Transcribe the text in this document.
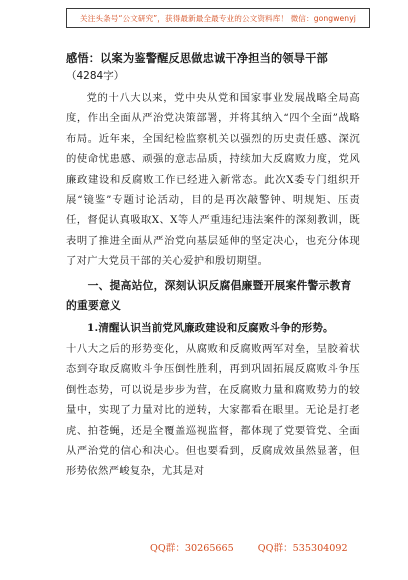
关注头条号“公文研究”，获得最新最全最专业的公文资料库！ 微信：gongwenyj

感悟：以案为鉴警醒反思做忠诚干净担当的领导干部

（4284字）

党的十八大以来，党中央从党和国家事业发展战略全局高度，作出全面从严治党决策部署，并将其纳入“四个全面”战略布局。近年来，全国纪检监察机关以强烈的历史责任感、深沉的使命忧患感、顽强的意志品质，持续加大反腐败力度，党风廉政建设和反腐败工作已经进入新常态。此次X委专门组织开展“镜鉴”专题讨论活动，目的是再次敲警钟、明规矩、压责任，督促认真吸取X、X等人严重违纪违法案件的深刻教训，既表明了推进全面从严治党向基层延伸的坚定决心，也充分体现了对广大党员干部的关心爱护和殷切期望。

一、提高站位，深刻认识反腐倡廉暨开展案件警示教育的重要意义

1.清醒认识当前党风廉政建设和反腐败斗争的形势。

十八大之后的形势变化，从腐败和反腐败两军对垒，呈胶着状态到夺取反腐败斗争压倒性胜利，再到巩固拓展反腐败斗争压倒性态势，可以说是步步为营，在反腐败力量和腐败势力的较量中，实现了力量对比的逆转，大家都看在眼里。无论是打老虎、拍苍蝇，还是全覆盖巡视监督，都体现了党要管党、全面从严治党的信心和决心。但也要看到，反腐成效虽然显著，但形势依然严峻复杂，尤其是对

QQ群：30265665	QQ群：535304092
